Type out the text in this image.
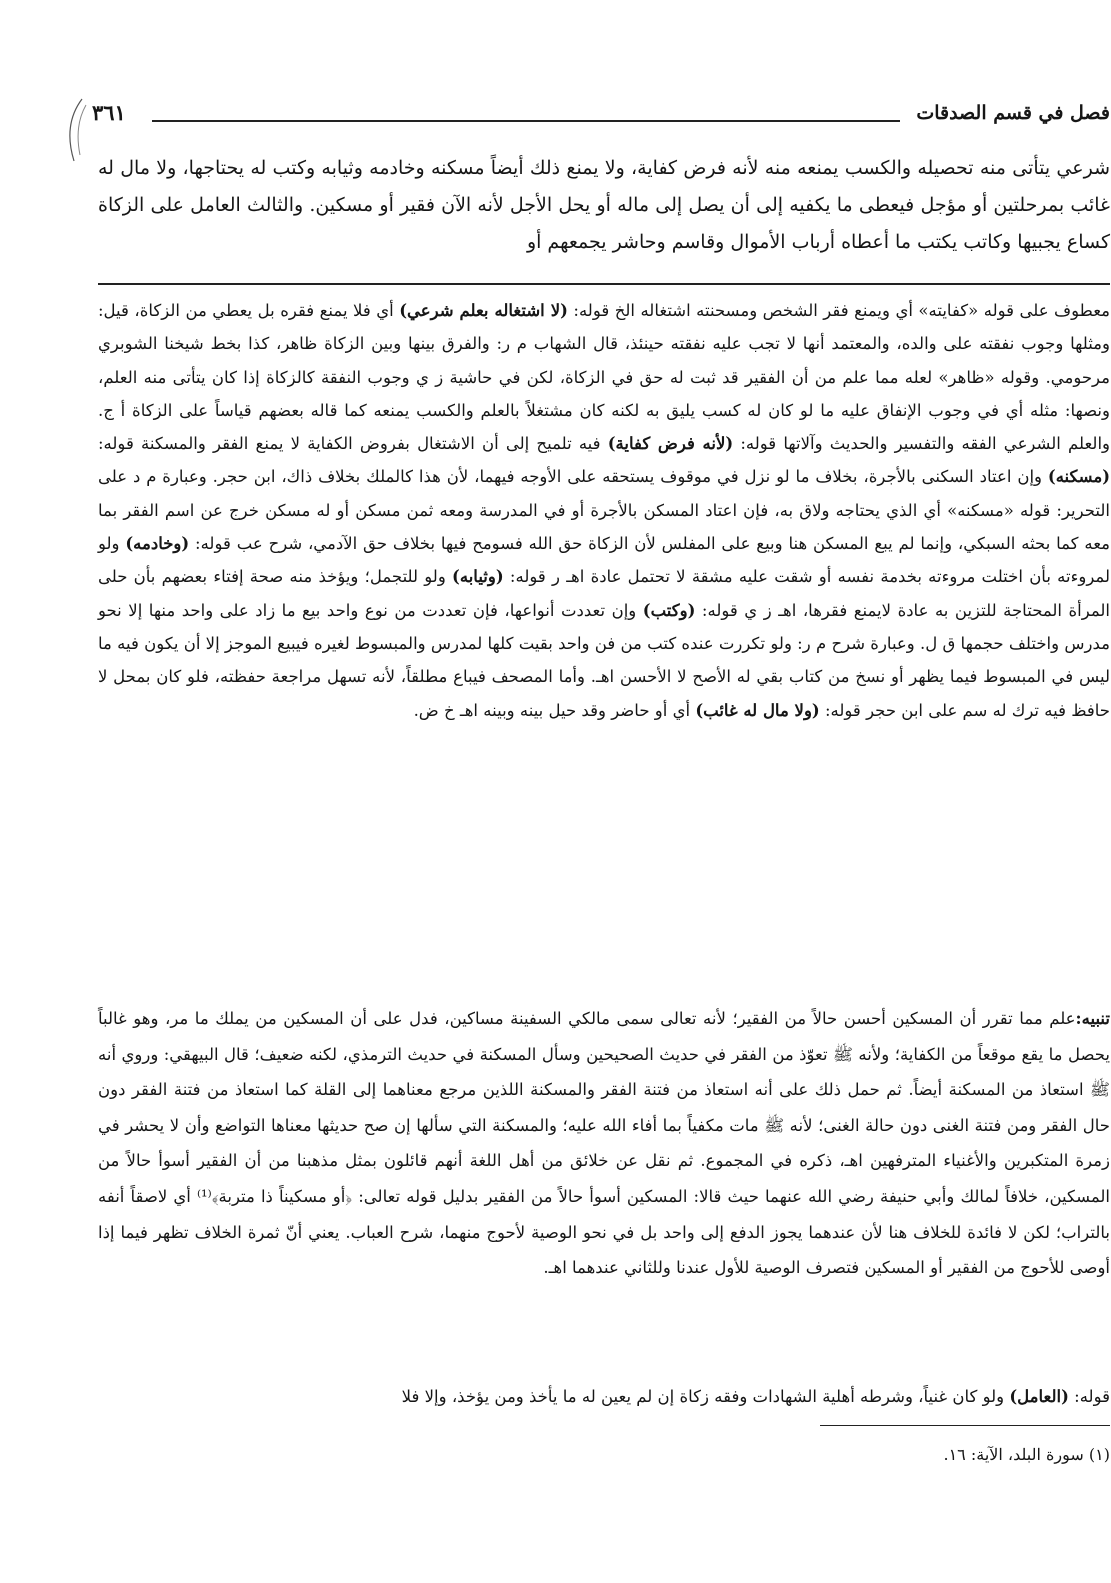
فصل في قسم الصدقات
٣٦١

شرعي يتأتى منه تحصيله والكسب يمنعه منه لأنه فرض كفاية، ولا يمنع ذلك أيضاً مسكنه وخادمه وثيابه وكتب له يحتاجها، ولا مال له غائب بمرحلتين أو مؤجل فيعطى ما يكفيه إلى أن يصل إلى ماله أو يحل الأجل لأنه الآن فقير أو مسكين. والثالث العامل على الزكاة كساع يجبيها وكاتب يكتب ما أعطاه أرباب الأموال وقاسم وحاشر يجمعهم أو

معطوف على قوله «كفايته» أي ويمنع فقر الشخص ومسحنته اشتغاله الخ قوله: (لا اشتغاله بعلم شرعي) أي فلا يمنع فقره بل يعطي من الزكاة، قيل: ومثلها وجوب نفقته على والده، والمعتمد أنها لا تجب عليه نفقته حينئذ، قال الشهاب م ر: والفرق بينها وبين الزكاة ظاهر، كذا بخط شيخنا الشوبري مرحومي. وقوله «ظاهر» لعله مما علم من أن الفقير قد ثبت له حق في الزكاة، لكن في حاشية ز ي وجوب النفقة كالزكاة إذا كان يتأتى منه العلم، ونصها: مثله أي في وجوب الإنفاق عليه ما لو كان له كسب يليق به لكنه كان مشتغلاً بالعلم والكسب يمنعه كما قاله بعضهم قياساً على الزكاة أ ج. والعلم الشرعي الفقه والتفسير والحديث وآلاتها قوله: (لأنه فرض كفاية) فيه تلميح إلى أن الاشتغال بفروض الكفاية لا يمنع الفقر والمسكنة قوله: (مسكنه) وإن اعتاد السكنى بالأجرة، بخلاف ما لو نزل في موقوف يستحقه على الأوجه فيهما، لأن هذا كالملك بخلاف ذاك، ابن حجر. وعبارة م د على التحرير: قوله «مسكنه» أي الذي يحتاجه ولاق به، فإن اعتاد المسكن بالأجرة أو في المدرسة ومعه ثمن مسكن أو له مسكن خرج عن اسم الفقر بما معه كما بحثه السبكي، وإنما لم يبع المسكن هنا وبيع على المفلس لأن الزكاة حق الله فسومح فيها بخلاف حق الآدمي، شرح عب قوله: (وخادمه) ولو لمروءته بأن اختلت مروءته بخدمة نفسه أو شقت عليه مشقة لا تحتمل عادة اهـ ر قوله: (وثيابه) ولو للتجمل؛ ويؤخذ منه صحة إفتاء بعضهم بأن حلى المرأة المحتاجة للتزين به عادة لايمنع فقرها، اهـ ز ي قوله: (وكتب) وإن تعددت أنواعها، فإن تعددت من نوع واحد بيع ما زاد على واحد منها إلا نحو مدرس واختلف حجمها ق ل. وعبارة شرح م ر: ولو تكررت عنده كتب من فن واحد بقيت كلها لمدرس والمبسوط لغيره فيبيع الموجز إلا أن يكون فيه ما ليس في المبسوط فيما يظهر أو نسخ من كتاب بقي له الأصح لا الأحسن اهـ. وأما المصحف فيباع مطلقاً، لأنه تسهل مراجعة حفظته، فلو كان بمحل لا حافظ فيه ترك له سم على ابن حجر قوله: (ولا مال له غائب) أي أو حاضر وقد حيل بينه وبينه اهـ خ ض.

تنبيه:علم مما تقرر أن المسكين أحسن حالاً من الفقير؛ لأنه تعالى سمى مالكي السفينة مساكين، فدل على أن المسكين من يملك ما مر، وهو غالباً يحصل ما يقع موقعاً من الكفاية؛ ولأنه ﷺ تعوّذ من الفقر في حديث الصحيحين وسأل المسكنة في حديث الترمذي، لكنه ضعيف؛ قال البيهقي: وروي أنه ﷺ استعاذ من المسكنة أيضاً. ثم حمل ذلك على أنه استعاذ من فتنة الفقر والمسكنة اللذين مرجع معناهما إلى القلة كما استعاذ من فتنة الفقر دون حال الفقر ومن فتنة الغنى دون حالة الغنى؛ لأنه ﷺ مات مكفياً بما أفاء الله عليه؛ والمسكنة التي سألها إن صح حديثها معناها التواضع وأن لا يحشر في زمرة المتكبرين والأغنياء المترفهين اهـ، ذكره في المجموع. ثم نقل عن خلائق من أهل اللغة أنهم قائلون بمثل مذهبنا من أن الفقير أسوأ حالاً من المسكين، خلافاً لمالك وأبي حنيفة رضي الله عنهما حيث قالا: المسكين أسوأ حالاً من الفقير بدليل قوله تعالى: ﴿أو مسكيناً ذا متربة﴾⁽¹⁾ أي لاصقاً أنفه بالتراب؛ لكن لا فائدة للخلاف هنا لأن عندهما يجوز الدفع إلى واحد بل في نحو الوصية لأحوج منهما، شرح العباب. يعني أنّ ثمرة الخلاف تظهر فيما إذا أوصى للأحوج من الفقير أو المسكين فتصرف الوصية للأول عندنا وللثاني عندهما اهـ.

قوله: (العامل) ولو كان غنياً، وشرطه أهلية الشهادات وفقه زكاة إن لم يعين له ما يأخذ ومن يؤخذ، وإلا فلا

(١) سورة البلد، الآية: ١٦.
